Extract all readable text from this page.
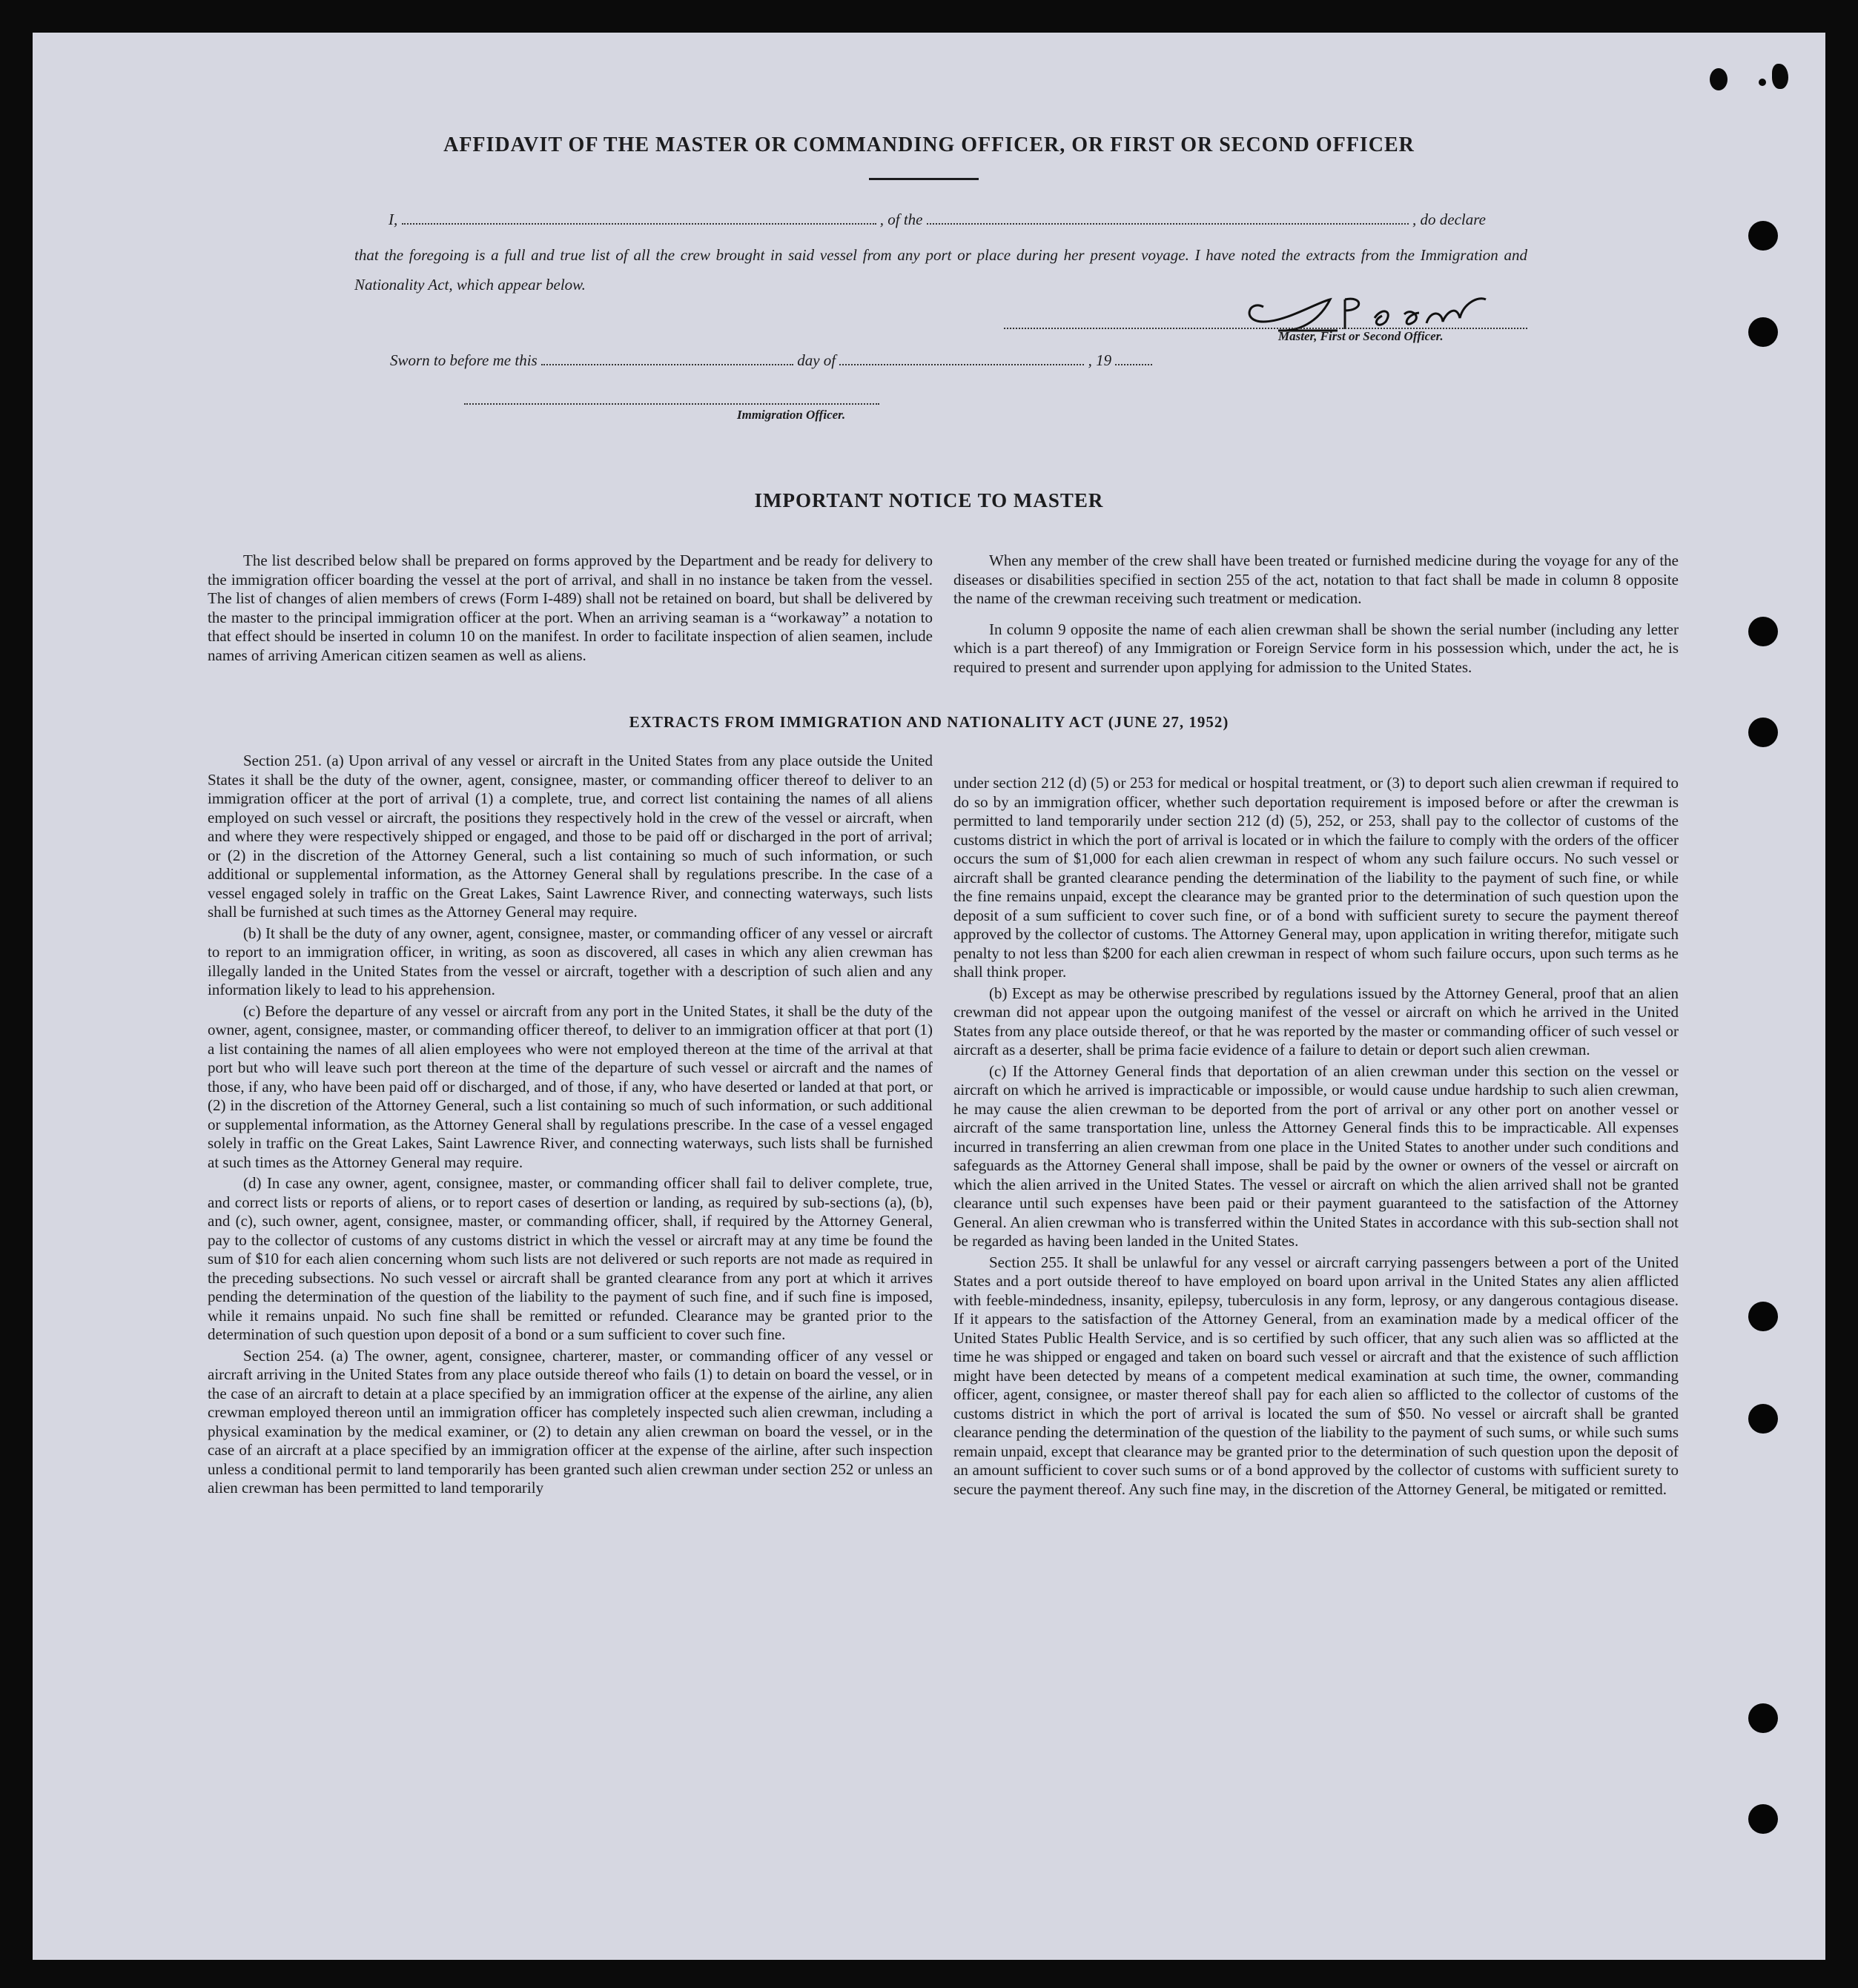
AFFIDAVIT OF THE MASTER OR COMMANDING OFFICER, OR FIRST OR SECOND OFFICER
I,	, of the	, do declare
that the foregoing is a full and true list of all the crew brought in said vessel from any port or place during her present voyage. I have noted the extracts from the Immigration and Nationality Act, which appear below.
Master, First or Second Officer.
Sworn to before me this	day of	, 19
Immigration Officer.
IMPORTANT NOTICE TO MASTER

The list described below shall be prepared on forms approved by the Department and be ready for delivery to the immigration officer boarding the vessel at the port of arrival, and shall in no instance be taken from the vessel. The list of changes of alien members of crews (Form I-489) shall not be retained on board, but shall be delivered by the master to the principal immigration officer at the port. When an arriving seaman is a “workaway” a notation to that effect should be inserted in column 10 on the manifest. In order to facilitate inspection of alien seamen, include names of arriving American citizen seamen as well as aliens.

When any member of the crew shall have been treated or furnished medicine during the voyage for any of the diseases or disabilities specified in section 255 of the act, notation to that fact shall be made in column 8 opposite the name of the crewman receiving such treatment or medication.

In column 9 opposite the name of each alien crewman shall be shown the serial number (including any letter which is a part thereof) of any Immigration or Foreign Service form in his possession which, under the act, he is required to present and surrender upon applying for admission to the United States.

EXTRACTS FROM IMMIGRATION AND NATIONALITY ACT (JUNE 27, 1952)

Section 251. (a) Upon arrival of any vessel or aircraft in the United States from any place outside the United States it shall be the duty of the owner, agent, consignee, master, or commanding officer thereof to deliver to an immigration officer at the port of arrival (1) a complete, true, and correct list containing the names of all aliens employed on such vessel or aircraft, the positions they respectively hold in the crew of the vessel or aircraft, when and where they were respectively shipped or engaged, and those to be paid off or discharged in the port of arrival; or (2) in the discretion of the Attorney General, such a list containing so much of such information, or such additional or supplemental information, as the Attorney General shall by regulations prescribe. In the case of a vessel engaged solely in traffic on the Great Lakes, Saint Lawrence River, and connecting waterways, such lists shall be furnished at such times as the Attorney General may require.

(b) It shall be the duty of any owner, agent, consignee, master, or commanding officer of any vessel or aircraft to report to an immigration officer, in writing, as soon as discovered, all cases in which any alien crewman has illegally landed in the United States from the vessel or aircraft, together with a description of such alien and any information likely to lead to his apprehension.

(c) Before the departure of any vessel or aircraft from any port in the United States, it shall be the duty of the owner, agent, consignee, master, or commanding officer thereof, to deliver to an immigration officer at that port (1) a list containing the names of all alien employees who were not employed thereon at the time of the arrival at that port but who will leave such port thereon at the time of the departure of such vessel or aircraft and the names of those, if any, who have been paid off or discharged, and of those, if any, who have deserted or landed at that port, or (2) in the discretion of the Attorney General, such a list containing so much of such information, or such additional or supplemental information, as the Attorney General shall by regulations prescribe. In the case of a vessel engaged solely in traffic on the Great Lakes, Saint Lawrence River, and connecting waterways, such lists shall be furnished at such times as the Attorney General may require.

(d) In case any owner, agent, consignee, master, or commanding officer shall fail to deliver complete, true, and correct lists or reports of aliens, or to report cases of desertion or landing, as required by sub-sections (a), (b), and (c), such owner, agent, consignee, master, or commanding officer, shall, if required by the Attorney General, pay to the collector of customs of any customs district in which the vessel or aircraft may at any time be found the sum of $10 for each alien concerning whom such lists are not delivered or such reports are not made as required in the preceding subsections. No such vessel or aircraft shall be granted clearance from any port at which it arrives pending the determination of the question of the liability to the payment of such fine, and if such fine is imposed, while it remains unpaid. No such fine shall be remitted or refunded. Clearance may be granted prior to the determination of such question upon deposit of a bond or a sum sufficient to cover such fine.

Section 254. (a) The owner, agent, consignee, charterer, master, or commanding officer of any vessel or aircraft arriving in the United States from any place outside thereof who fails (1) to detain on board the vessel, or in the case of an aircraft to detain at a place specified by an immigration officer at the expense of the airline, any alien crewman employed thereon until an immigration officer has completely inspected such alien crewman, including a physical examination by the medical examiner, or (2) to detain any alien crewman on board the vessel, or in the case of an aircraft at a place specified by an immigration officer at the expense of the airline, after such inspection unless a conditional permit to land temporarily has been granted such alien crewman under section 252 or unless an alien crewman has been permitted to land temporarily

under section 212 (d) (5) or 253 for medical or hospital treatment, or (3) to deport such alien crewman if required to do so by an immigration officer, whether such deportation requirement is imposed before or after the crewman is permitted to land temporarily under section 212 (d) (5), 252, or 253, shall pay to the collector of customs of the customs district in which the port of arrival is located or in which the failure to comply with the orders of the officer occurs the sum of $1,000 for each alien crewman in respect of whom any such failure occurs. No such vessel or aircraft shall be granted clearance pending the determination of the liability to the payment of such fine, or while the fine remains unpaid, except the clearance may be granted prior to the determination of such question upon the deposit of a sum sufficient to cover such fine, or of a bond with sufficient surety to secure the payment thereof approved by the collector of customs. The Attorney General may, upon application in writing therefor, mitigate such penalty to not less than $200 for each alien crewman in respect of whom such failure occurs, upon such terms as he shall think proper.

(b) Except as may be otherwise prescribed by regulations issued by the Attorney General, proof that an alien crewman did not appear upon the outgoing manifest of the vessel or aircraft on which he arrived in the United States from any place outside thereof, or that he was reported by the master or commanding officer of such vessel or aircraft as a deserter, shall be prima facie evidence of a failure to detain or deport such alien crewman.

(c) If the Attorney General finds that deportation of an alien crewman under this section on the vessel or aircraft on which he arrived is impracticable or impossible, or would cause undue hardship to such alien crewman, he may cause the alien crewman to be deported from the port of arrival or any other port on another vessel or aircraft of the same transportation line, unless the Attorney General finds this to be impracticable. All expenses incurred in transferring an alien crewman from one place in the United States to another under such conditions and safeguards as the Attorney General shall impose, shall be paid by the owner or owners of the vessel or aircraft on which the alien arrived in the United States. The vessel or aircraft on which the alien arrived shall not be granted clearance until such expenses have been paid or their payment guaranteed to the satisfaction of the Attorney General. An alien crewman who is transferred within the United States in accordance with this sub-section shall not be regarded as having been landed in the United States.

Section 255. It shall be unlawful for any vessel or aircraft carrying passengers between a port of the United States and a port outside thereof to have employed on board upon arrival in the United States any alien afflicted with feeble-mindedness, insanity, epilepsy, tuberculosis in any form, leprosy, or any dangerous contagious disease. If it appears to the satisfaction of the Attorney General, from an examination made by a medical officer of the United States Public Health Service, and is so certified by such officer, that any such alien was so afflicted at the time he was shipped or engaged and taken on board such vessel or aircraft and that the existence of such affliction might have been detected by means of a competent medical examination at such time, the owner, commanding officer, agent, consignee, or master thereof shall pay for each alien so afflicted to the collector of customs of the customs district in which the port of arrival is located the sum of $50. No vessel or aircraft shall be granted clearance pending the determination of the question of the liability to the payment of such sums, or while such sums remain unpaid, except that clearance may be granted prior to the determination of such question upon the deposit of an amount sufficient to cover such sums or of a bond approved by the collector of customs with sufficient surety to secure the payment thereof. Any such fine may, in the discretion of the Attorney General, be mitigated or remitted.
